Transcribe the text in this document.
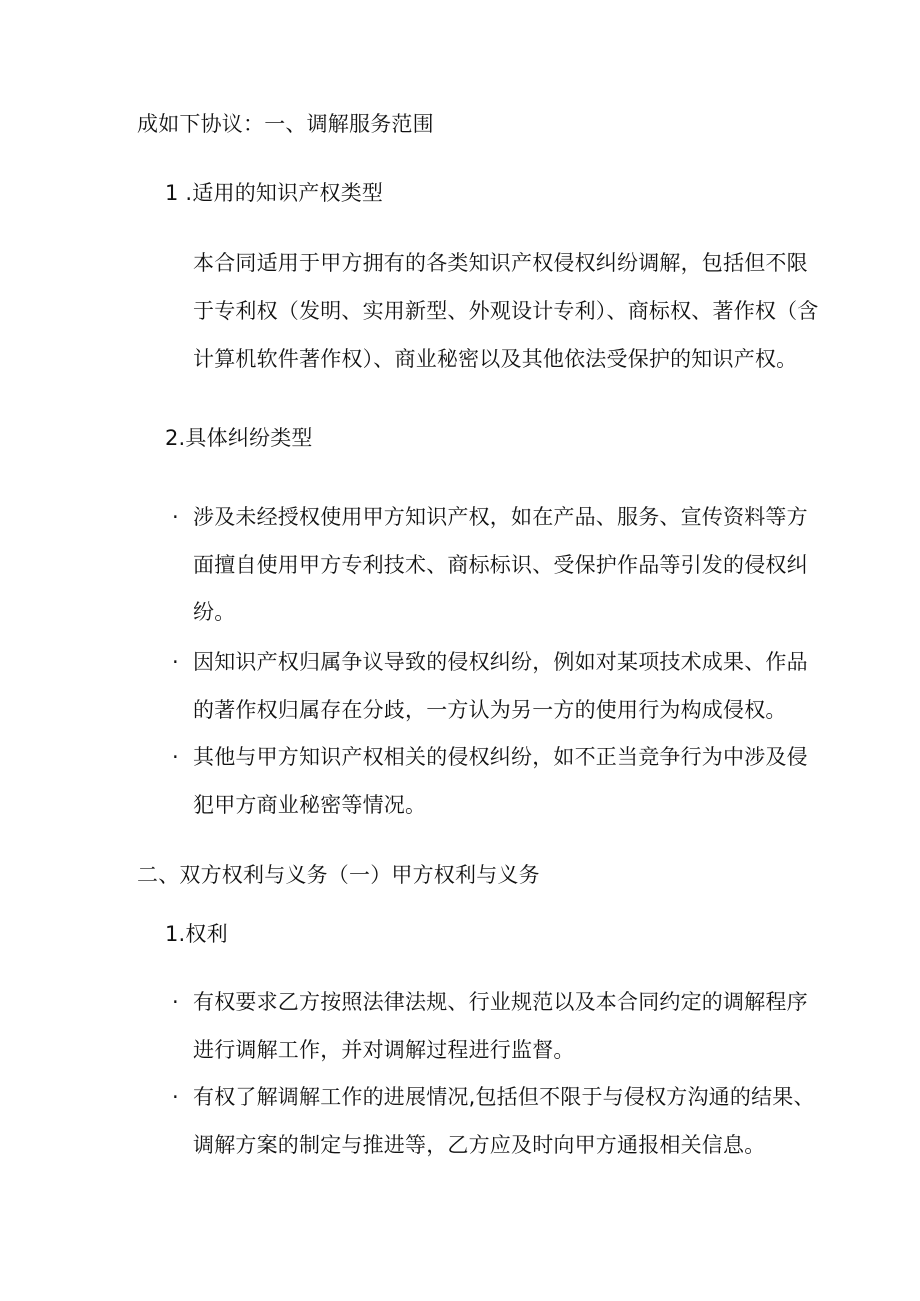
成如下协议：一、调解服务范围
1 .适用的知识产权类型
本合同适用于甲方拥有的各类知识产权侵权纠纷调解，包括但不限
于专利权（发明、实用新型、外观设计专利）、商标权、著作权（含
计算机软件著作权）、商业秘密以及其他依法受保护的知识产权。
2.具体纠纷类型
· 涉及未经授权使用甲方知识产权，如在产品、服务、宣传资料等方
面擅自使用甲方专利技术、商标标识、受保护作品等引发的侵权纠
纷。
· 因知识产权归属争议导致的侵权纠纷，例如对某项技术成果、作品
的著作权归属存在分歧，一方认为另一方的使用行为构成侵权。
· 其他与甲方知识产权相关的侵权纠纷，如不正当竞争行为中涉及侵
犯甲方商业秘密等情况。
二、双方权利与义务（一）甲方权利与义务
1.权利
· 有权要求乙方按照法律法规、行业规范以及本合同约定的调解程序
进行调解工作，并对调解过程进行监督。
· 有权了解调解工作的进展情况,包括但不限于与侵权方沟通的结果、
调解方案的制定与推进等，乙方应及时向甲方通报相关信息。
